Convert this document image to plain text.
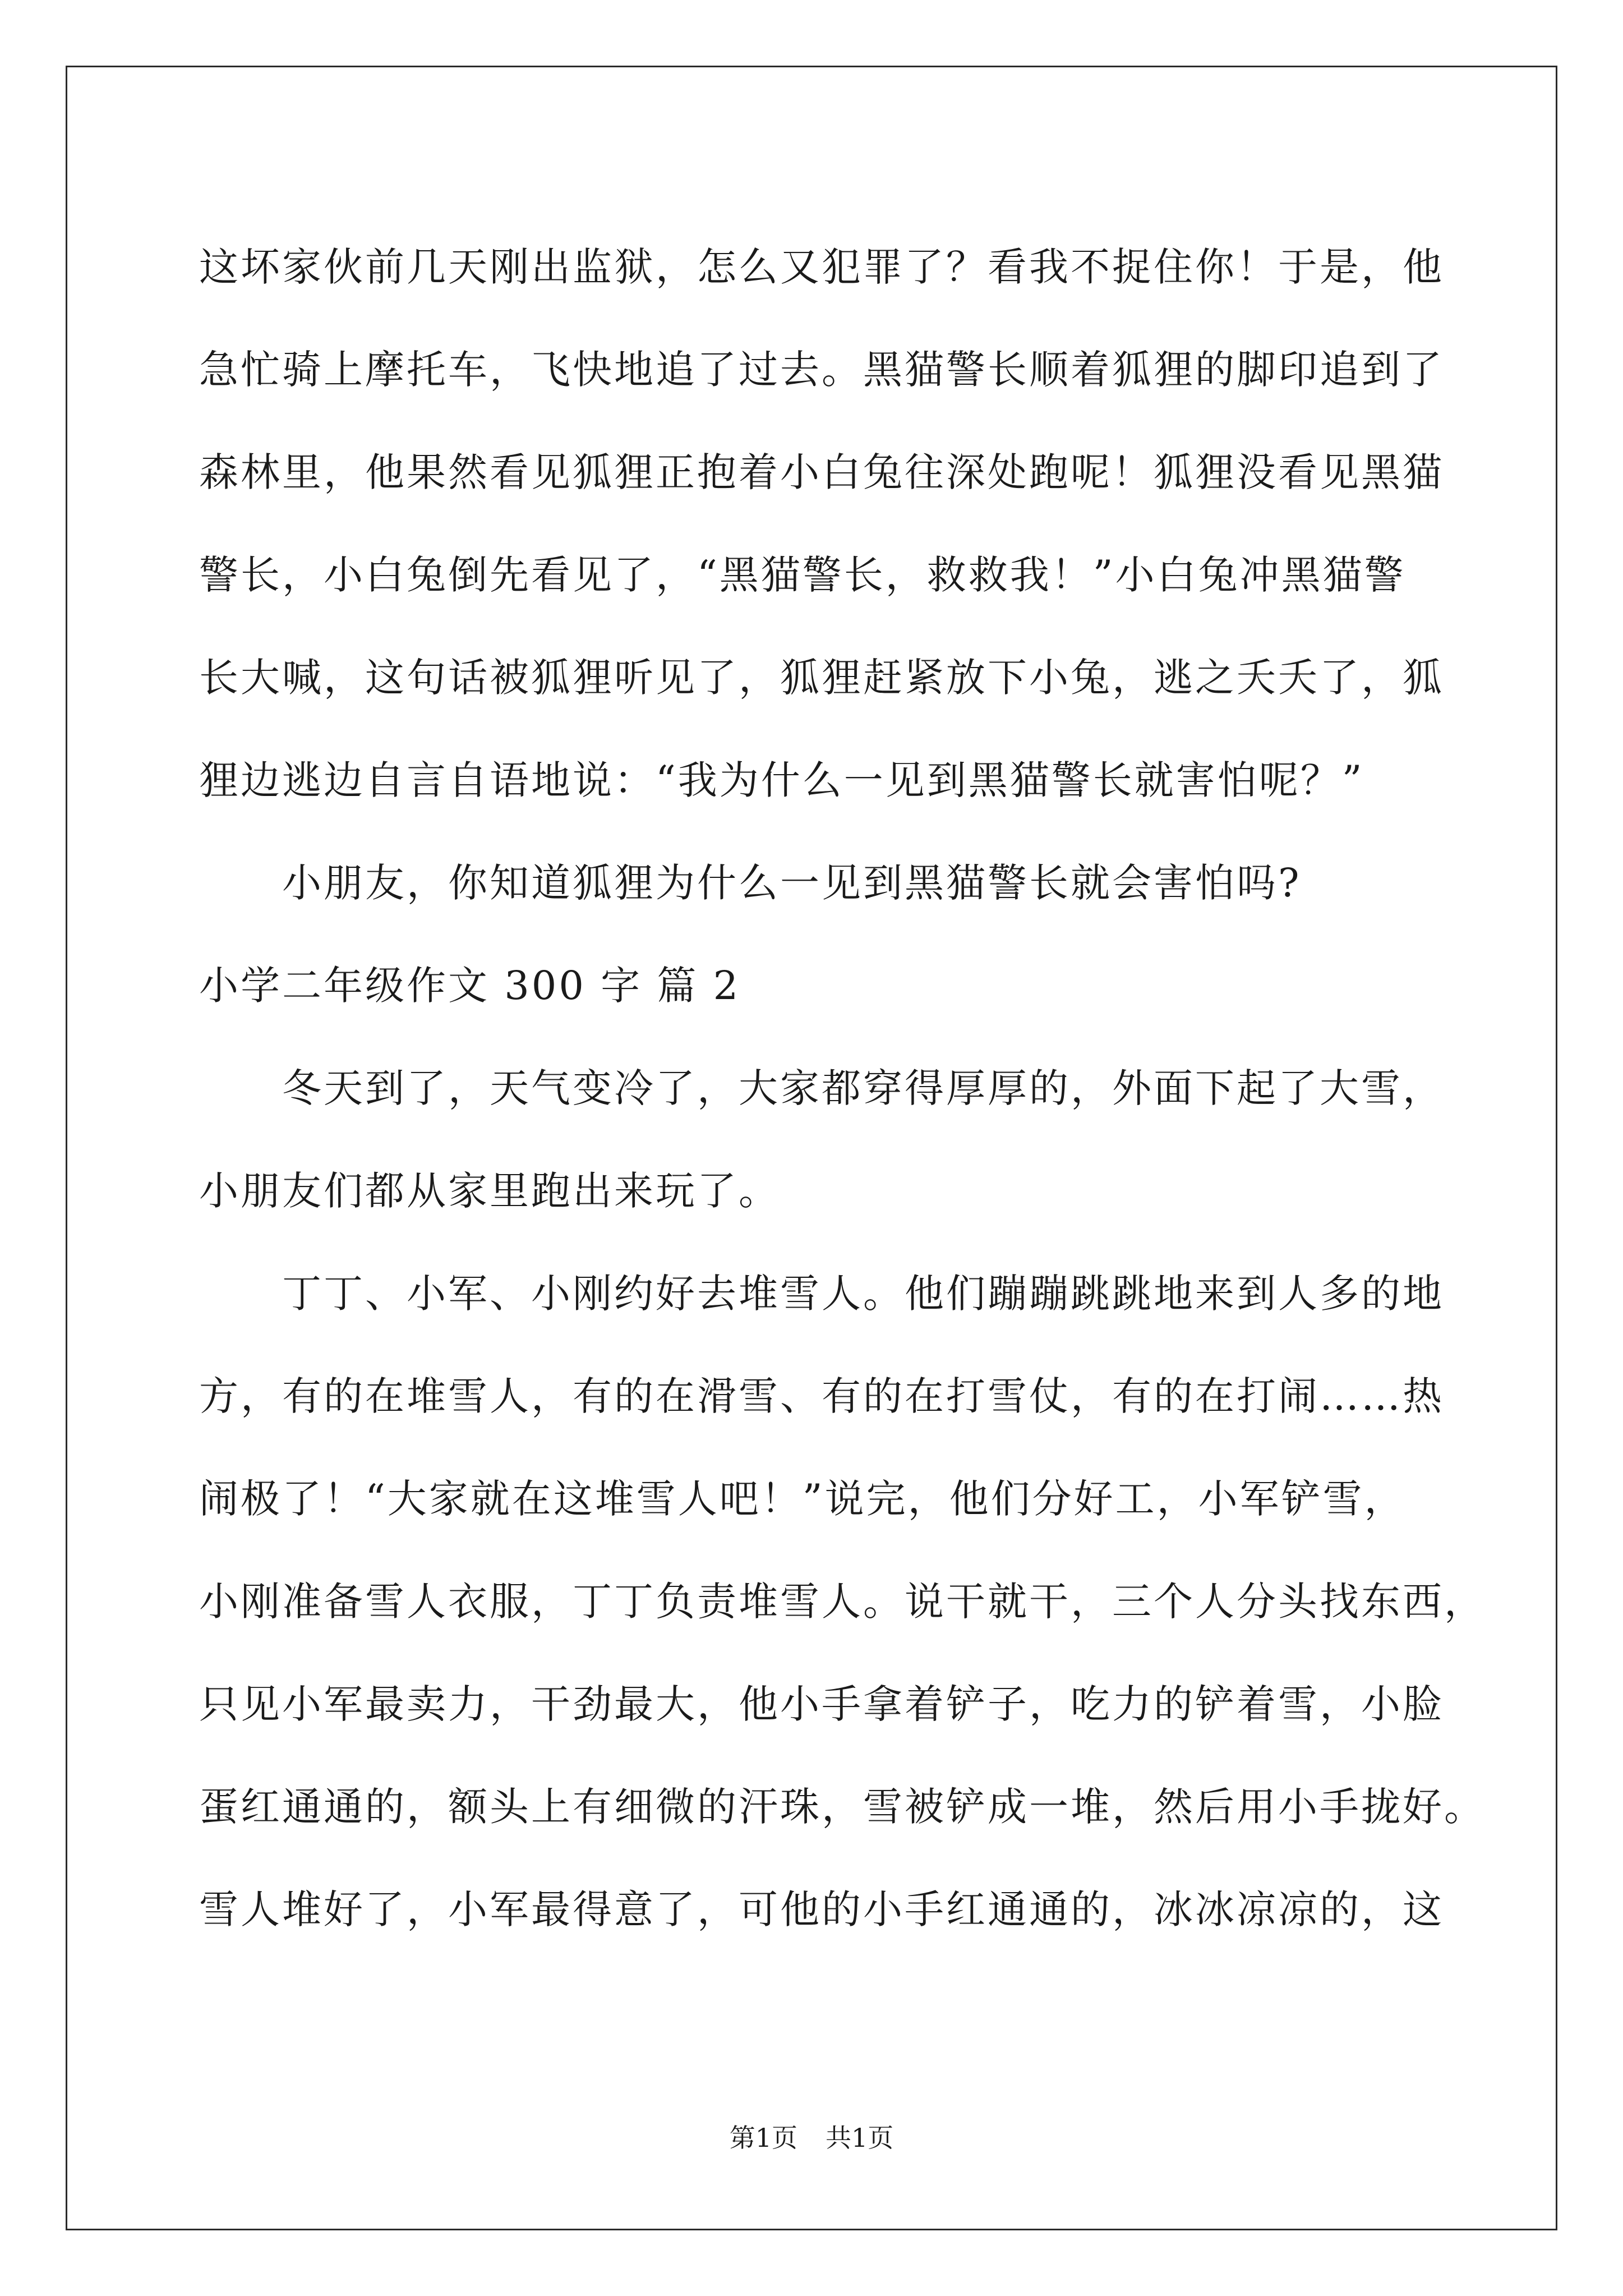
这坏家伙前几天刚出监狱，怎么又犯罪了？看我不捉住你！于是，他
急忙骑上摩托车，飞快地追了过去。黑猫警长顺着狐狸的脚印追到了
森林里，他果然看见狐狸正抱着小白兔往深处跑呢！狐狸没看见黑猫
警长，小白兔倒先看见了，“黑猫警长，救救我！”小白兔冲黑猫警
长大喊，这句话被狐狸听见了，狐狸赶紧放下小兔，逃之夭夭了，狐
狸边逃边自言自语地说：“我为什么一见到黑猫警长就害怕呢？”
小朋友，你知道狐狸为什么一见到黑猫警长就会害怕吗?
小学二年级作文 300 字 篇 2
冬天到了，天气变冷了，大家都穿得厚厚的，外面下起了大雪，
小朋友们都从家里跑出来玩了。
丁丁、小军、小刚约好去堆雪人。他们蹦蹦跳跳地来到人多的地
方，有的在堆雪人，有的在滑雪、有的在打雪仗，有的在打闹……热
闹极了！“大家就在这堆雪人吧！”说完，他们分好工，小军铲雪，
小刚准备雪人衣服，丁丁负责堆雪人。说干就干，三个人分头找东西，
只见小军最卖力，干劲最大，他小手拿着铲子，吃力的铲着雪，小脸
蛋红通通的，额头上有细微的汗珠，雪被铲成一堆，然后用小手拢好。
雪人堆好了，小军最得意了，可他的小手红通通的，冰冰凉凉的，这
第1页 共1页
